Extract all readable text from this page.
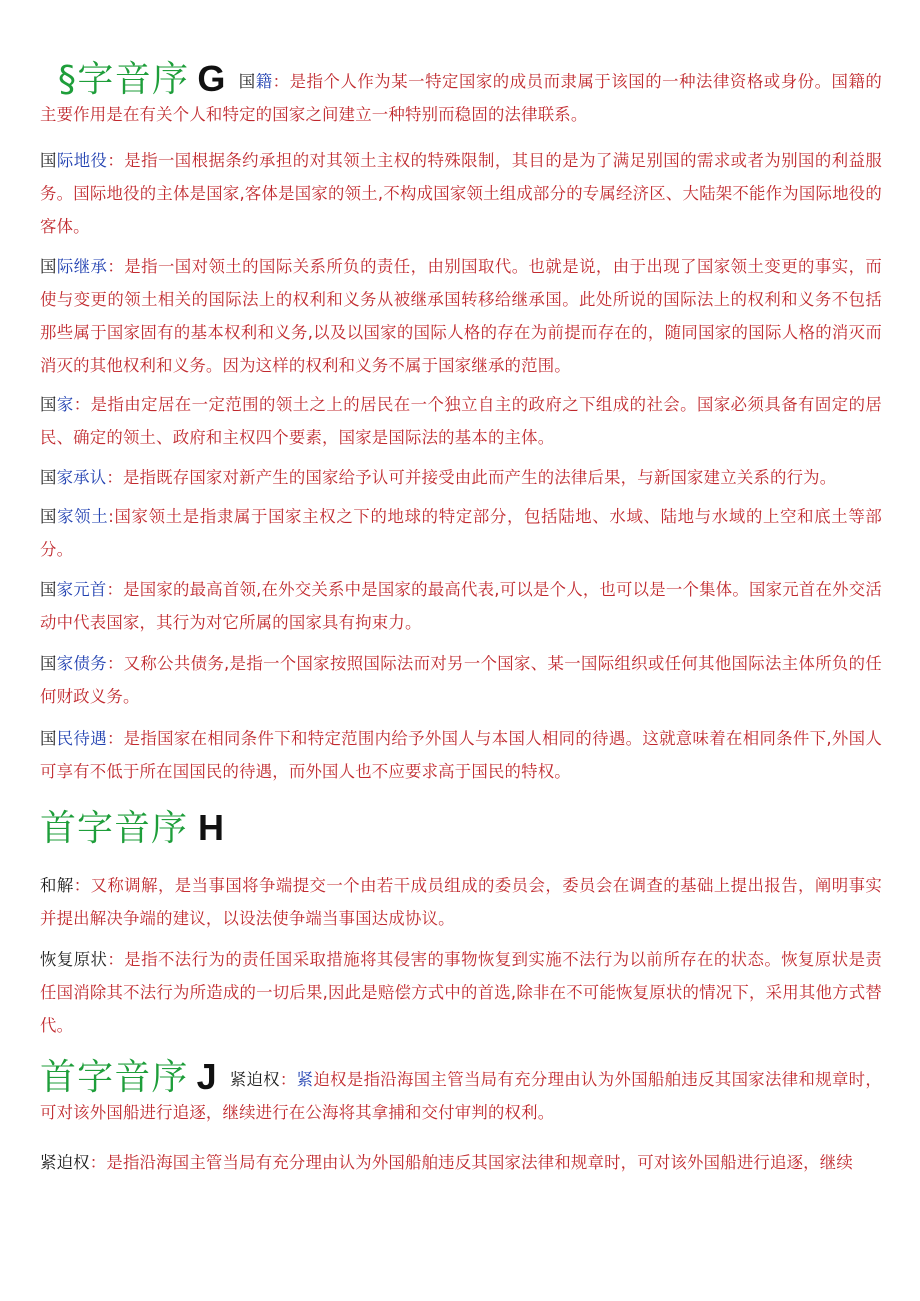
§字音序 G 国籍：是指个人作为某一特定国家的成员而隶属于该国的一种法律资格或身份。国籍的主要作用是在有关个人和特定的国家之间建立一种特别而稳固的法律联系。
国际地役：是指一国根据条约承担的对其领土主权的特殊限制，其目的是为了满足别国的需求或者为别国的利益服务。国际地役的主体是国家,客体是国家的领土,不构成国家领土组成部分的专属经济区、大陆架不能作为国际地役的客体。
国际继承：是指一国对领土的国际关系所负的责任，由别国取代。也就是说，由于出现了国家领土变更的事实，而使与变更的领土相关的国际法上的权利和义务从被继承国转移给继承国。此处所说的国际法上的权利和义务不包括那些属于国家固有的基本权利和义务,以及以国家的国际人格的存在为前提而存在的，随同国家的国际人格的消灭而消灭的其他权利和义务。因为这样的权利和义务不属于国家继承的范围。
国家：是指由定居在一定范围的领土之上的居民在一个独立自主的政府之下组成的社会。国家必须具备有固定的居民、确定的领土、政府和主权四个要素，国家是国际法的基本的主体。
国家承认：是指既存国家对新产生的国家给予认可并接受由此而产生的法律后果，与新国家建立关系的行为。
国家领土:国家领土是指隶属于国家主权之下的地球的特定部分，包括陆地、水域、陆地与水域的上空和底土等部分。
国家元首：是国家的最高首领,在外交关系中是国家的最高代表,可以是个人，也可以是一个集体。国家元首在外交活动中代表国家，其行为对它所属的国家具有拘束力。
国家债务：又称公共债务,是指一个国家按照国际法而对另一个国家、某一国际组织或任何其他国际法主体所负的任何财政义务。
国民待遇：是指国家在相同条件下和特定范围内给予外国人与本国人相同的待遇。这就意味着在相同条件下,外国人可享有不低于所在国国民的待遇，而外国人也不应要求高于国民的特权。
首字音序 H
和解：又称调解，是当事国将争端提交一个由若干成员组成的委员会，委员会在调查的基础上提出报告，阐明事实并提出解决争端的建议，以设法使争端当事国达成协议。
恢复原状：是指不法行为的责任国采取措施将其侵害的事物恢复到实施不法行为以前所存在的状态。恢复原状是责任国消除其不法行为所造成的一切后果,因此是赔偿方式中的首选,除非在不可能恢复原状的情况下，采用其他方式替代。
首字音序 J 紧迫权：紧迫权是指沿海国主管当局有充分理由认为外国船舶违反其国家法律和规章时，可对该外国船进行追逐，继续进行在公海将其拿捕和交付审判的权利。
紧迫权：是指沿海国主管当局有充分理由认为外国船舶违反其国家法律和规章时，可对该外国船进行追逐，继续
